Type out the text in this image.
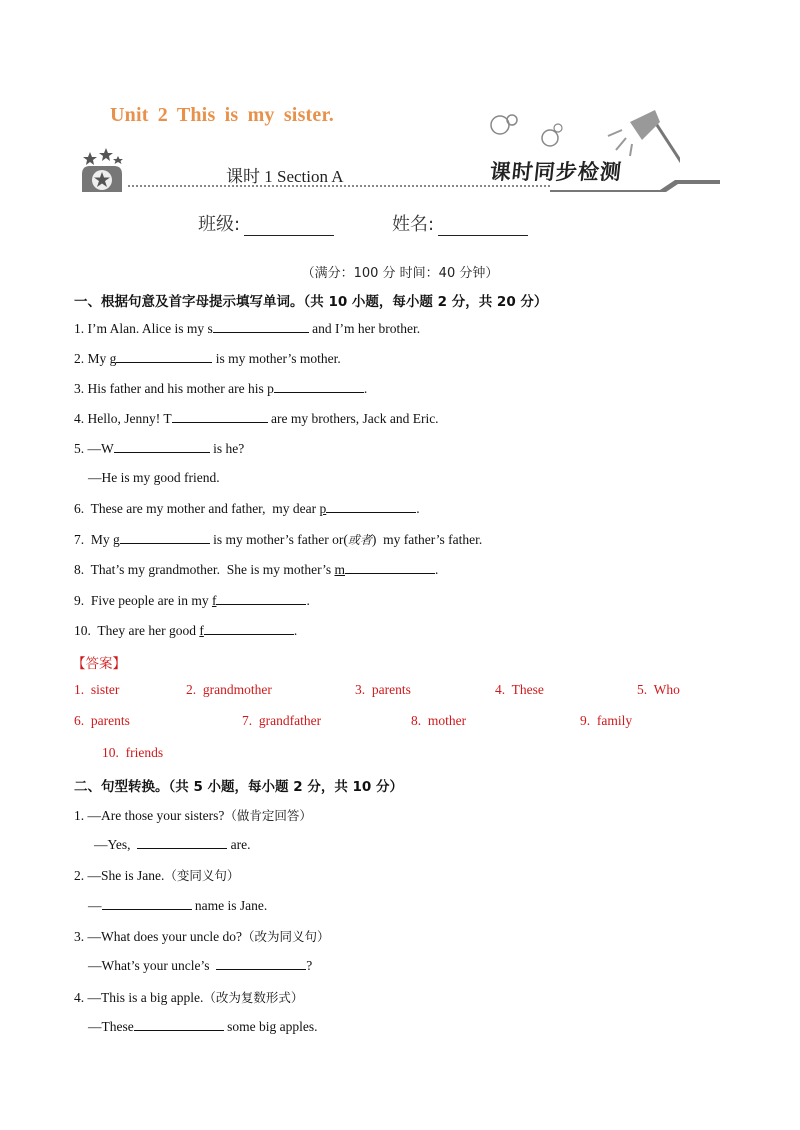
Unit 2 This is my sister.
课时 1 Section A	课时同步检测
班级:	姓名:
（满分：100 分 时间：40 分钟）
一、根据句意及首字母提示填写单词。（共 10 小题，每小题 2 分，共 20 分）
1. I’m Alan. Alice is my s	and I’m her brother.
2. My g	is my mother’s mother.
3. His father and his mother are his p	.
4. Hello, Jenny! T	are my brothers, Jack and Eric.
5. —W	is he?
—He is my good friend.
6.  These are my mother and father,  my dear p	.
7.  My g	is my mother’s father or(或者)  my father’s father.
8.  That’s my grandmother.  She is my mother’s m	.
9.  Five people are in my f	.
10.  They are her good f	.
【答案】
1.  sister	2.  grandmother	3.  parents	4.  These	5.  Who
6.  parents	7.  grandfather	8.  mother	9.  family
10.  friends
二、句型转换。（共 5 小题，每小题 2 分，共 10 分）
1. —Are those your sisters?（做肯定回答）
—Yes,	are.
2. —She is Jane.（变同义句）
—	name is Jane.
3. —What does your uncle do?（改为同义句）
—What’s your uncle’s	?
4. —This is a big apple.（改为复数形式）
—These	some big apples.
